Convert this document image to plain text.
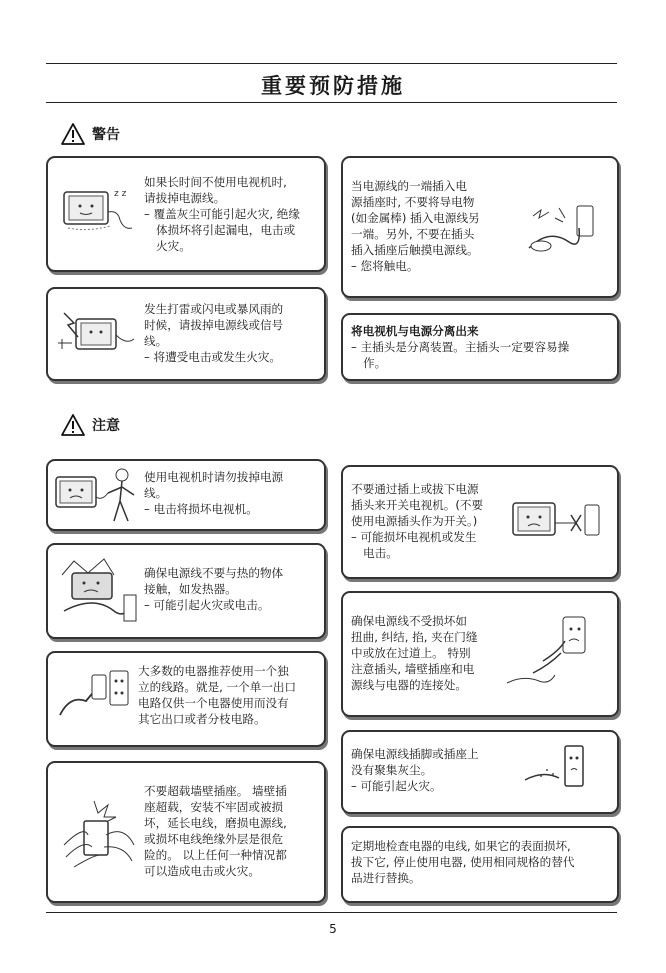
重要预防措施
警告
z z

如果长时间不使用电视机时,

请拔掉电源线。

– 覆盖灰尘可能引起火灾, 绝缘

体损坏将引起漏电，电击或

火灾。

发生打雷或闪电或暴风雨的

时候，请拔掉电源线或信号

线。

– 将遭受电击或发生火灾。

当电源线的一端插入电

源插座时, 不要将导电物

(如金属棒) 插入电源线另

一端。另外, 不要在插头

插入插座后触摸电源线。

– 您将触电。

将电视机与电源分离出来

– 主插头是分离装置。主插头一定要容易操

作。

注意

使用电视机时请勿拔掉电源

线。

– 电击将损坏电视机。

确保电源线不要与热的物体

接触，如发热器。

– 可能引起火灾或电击。

大多数的电器推荐使用一个独

立的线路。就是, 一个单一出口

电路仅供一个电器使用而没有

其它出口或者分枝电路。

不要超载墙壁插座。 墙壁插

座超载，安装不牢固或被损

坏，延长电线，磨损电源线,

或损坏电线绝缘外层是很危

险的。 以上任何一种情况都

可以造成电击或火灾。

不要通过插上或拔下电源

插头来开关电视机。(不要

使用电源插头作为开关。)

– 可能损坏电视机或发生

电击。

确保电源线不受损坏如

扭曲, 纠结, 掐, 夹在门缝

中或放在过道上。 特别

注意插头, 墙壁插座和电

源线与电器的连接处。

确保电源线插脚或插座上

没有聚集灰尘。

– 可能引起火灾。

定期地检查电器的电线, 如果它的表面损坏,

拔下它, 停止使用电器, 使用相同规格的替代

品进行替换。

5
